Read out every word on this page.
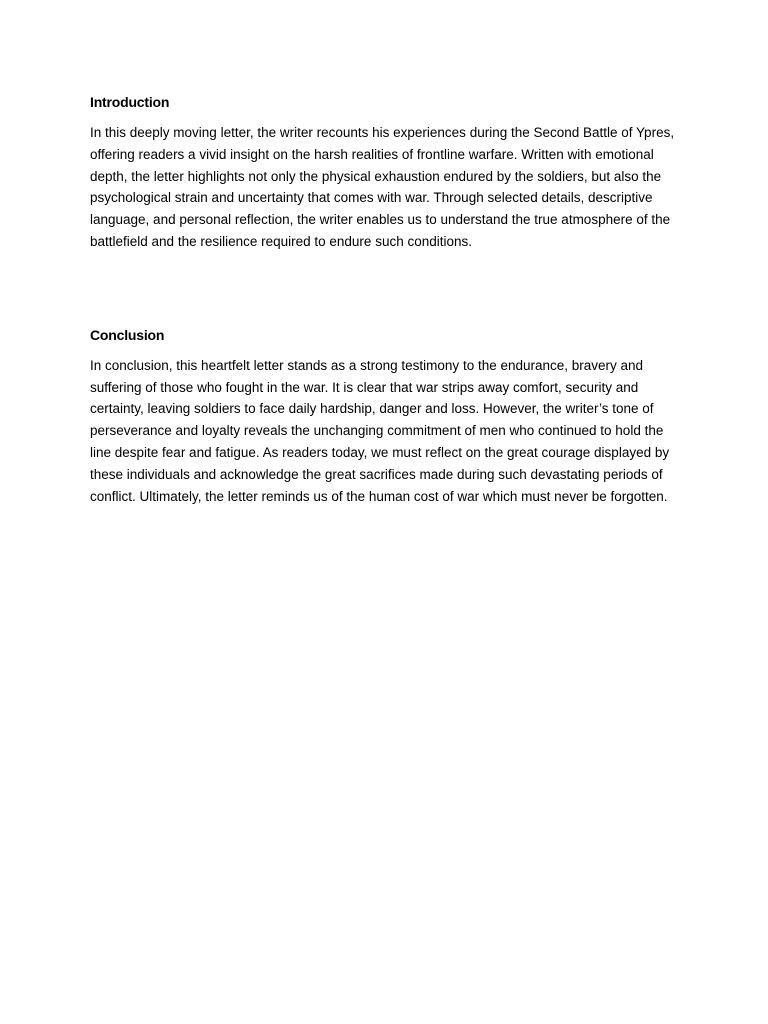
Introduction

In this deeply moving letter, the writer recounts his experiences during the Second Battle of Ypres, offering readers a vivid insight on the harsh realities of frontline warfare. Written with emotional depth, the letter highlights not only the physical exhaustion endured by the soldiers, but also the psychological strain and uncertainty that comes with war. Through selected details, descriptive language, and personal reflection, the writer enables us to understand the true atmosphere of the battlefield and the resilience required to endure such conditions.

Conclusion

In conclusion, this heartfelt letter stands as a strong testimony to the endurance, bravery and suffering of those who fought in the war. It is clear that war strips away comfort, security and certainty, leaving soldiers to face daily hardship, danger and loss. However, the writer’s tone of perseverance and loyalty reveals the unchanging commitment of men who continued to hold the line despite fear and fatigue. As readers today, we must reflect on the great courage displayed by these individuals and acknowledge the great sacrifices made during such devastating periods of conflict. Ultimately, the letter reminds us of the human cost of war which must never be forgotten.
